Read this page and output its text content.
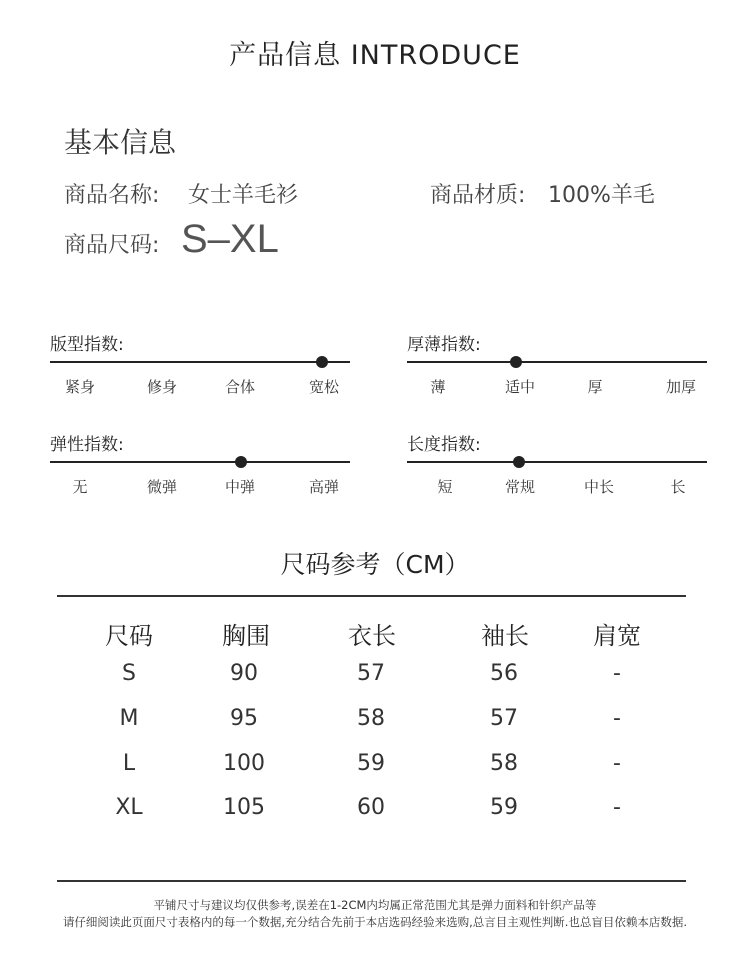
产品信息 INTRODUCE
基本信息
商品名称: 女士羊毛衫	商品材质: 100%羊毛
商品尺码: S–XL
版型指数:
紧身	修身	合体	宽松
厚薄指数:
薄	适中	厚	加厚
弹性指数:
无	微弹	中弹	高弹
长度指数:
短	常规	中长	长
尺码参考（CM）
尺码	胸围	衣长	袖长	肩宽
S	90	57	56	-
M	95	58	57	-
L	100	59	58	-
XL	105	60	59	-
平铺尺寸与建议均仅供参考,误差在1-2CM内均属正常范围尤其是弹力面料和针织产品等
请仔细阅读此页面尺寸表格内的每一个数据,充分结合先前于本店选码经验来选购,总言目主观性判断.也总盲目依赖本店数据.
